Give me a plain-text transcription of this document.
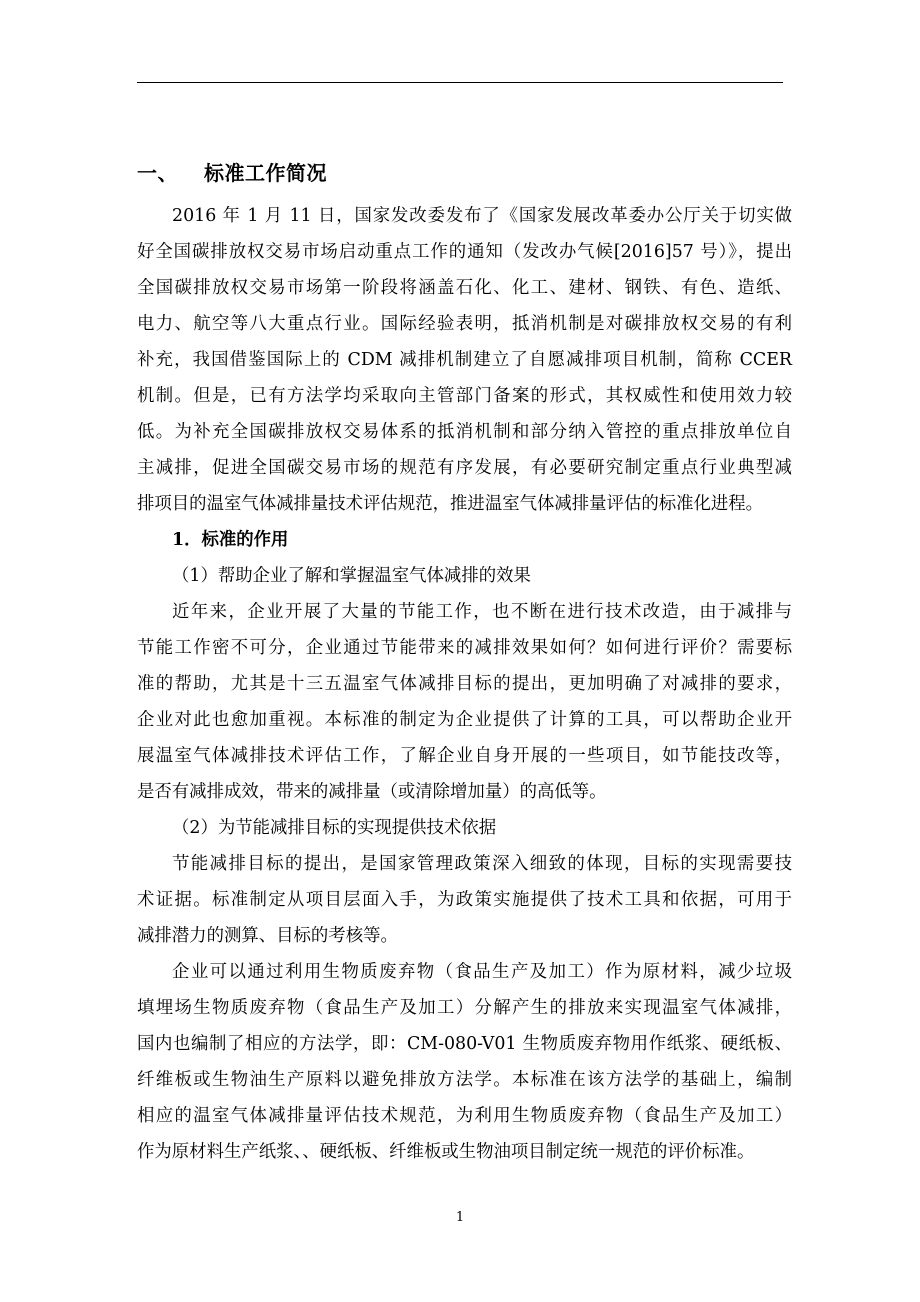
一、 标准工作简况
2016 年 1 月 11 日，国家发改委发布了《国家发展改革委办公厅关于切实做
好全国碳排放权交易市场启动重点工作的通知（发改办气候[2016]57 号）》，提出
全国碳排放权交易市场第一阶段将涵盖石化、化工、建材、钢铁、有色、造纸、
电力、航空等八大重点行业。国际经验表明，抵消机制是对碳排放权交易的有利
补充，我国借鉴国际上的 CDM 减排机制建立了自愿减排项目机制，简称 CCER
机制。但是，已有方法学均采取向主管部门备案的形式，其权威性和使用效力较
低。为补充全国碳排放权交易体系的抵消机制和部分纳入管控的重点排放单位自
主减排，促进全国碳交易市场的规范有序发展，有必要研究制定重点行业典型减
排项目的温室气体减排量技术评估规范，推进温室气体减排量评估的标准化进程。
1．标准的作用
（1）帮助企业了解和掌握温室气体减排的效果
近年来，企业开展了大量的节能工作，也不断在进行技术改造，由于减排与
节能工作密不可分，企业通过节能带来的减排效果如何？如何进行评价？需要标
准的帮助，尤其是十三五温室气体减排目标的提出，更加明确了对减排的要求，
企业对此也愈加重视。本标准的制定为企业提供了计算的工具，可以帮助企业开
展温室气体减排技术评估工作，了解企业自身开展的一些项目，如节能技改等，
是否有减排成效，带来的减排量（或清除增加量）的高低等。
（2）为节能减排目标的实现提供技术依据
节能减排目标的提出，是国家管理政策深入细致的体现，目标的实现需要技
术证据。标准制定从项目层面入手，为政策实施提供了技术工具和依据，可用于
减排潜力的测算、目标的考核等。
企业可以通过利用生物质废弃物（食品生产及加工）作为原材料，减少垃圾
填埋场生物质废弃物（食品生产及加工）分解产生的排放来实现温室气体减排，
国内也编制了相应的方法学，即：CM-080-V01 生物质废弃物用作纸浆、硬纸板、
纤维板或生物油生产原料以避免排放方法学。本标准在该方法学的基础上，编制
相应的温室气体减排量评估技术规范，为利用生物质废弃物（食品生产及加工）
作为原材料生产纸浆、、硬纸板、纤维板或生物油项目制定统一规范的评价标准。
1
